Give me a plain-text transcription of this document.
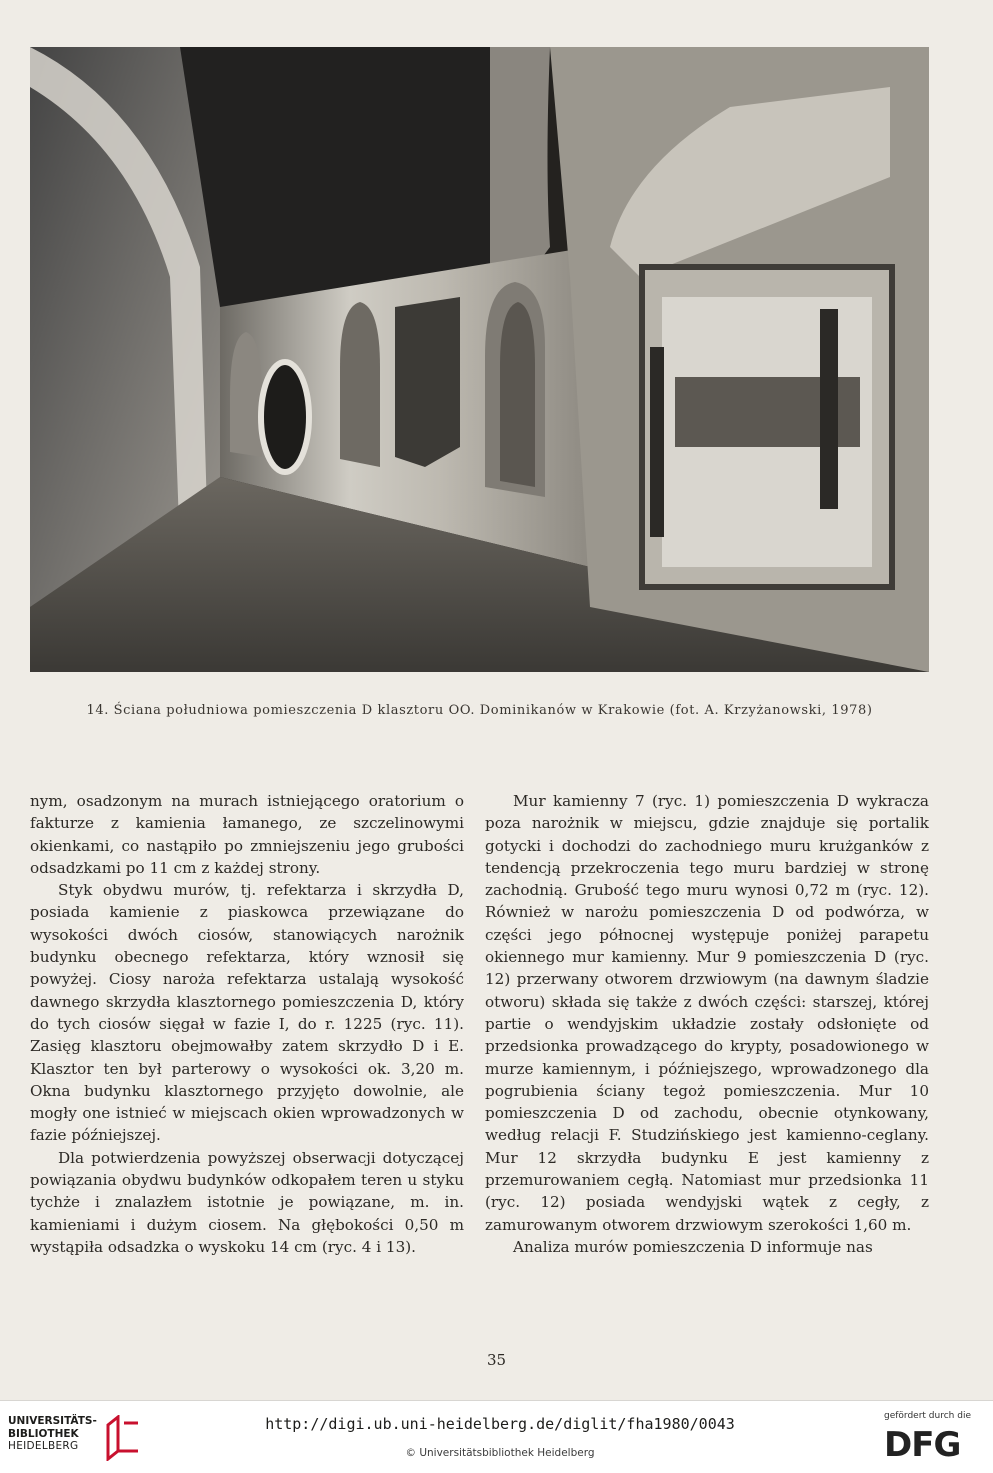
14. Ściana południowa pomieszczenia D klasztoru OO. Dominikanów w Krakowie (fot. A. Krzyżanowski, 1978)

nym, osadzonym na murach istniejącego oratorium o fakturze z kamienia łamanego, ze szczelinowymi okienkami, co nastąpiło po zmniejszeniu jego grubości odsadzkami po 11 cm z każdej strony.

Styk obydwu murów, tj. refektarza i skrzydła D, posiada kamienie z piaskowca przewiązane do wysokości dwóch ciosów, stanowiących narożnik budynku obecnego refektarza, który wznosił się powyżej. Ciosy naroża refektarza ustalają wysokość dawnego skrzydła klasztornego pomieszczenia D, który do tych ciosów sięgał w fazie I, do r. 1225 (ryc. 11). Zasięg klasztoru obejmowałby zatem skrzydło D i E. Klasztor ten był parterowy o wysokości ok. 3,20 m. Okna budynku klasztornego przyjęto dowolnie, ale mogły one istnieć w miejscach okien wprowadzonych w fazie późniejszej.

Dla potwierdzenia powyższej obserwacji dotyczącej powiązania obydwu budynków odkopałem teren u styku tychże i znalazłem istotnie je powiązane, m. in. kamieniami i dużym ciosem. Na głębokości 0,50 m wystąpiła odsadzka o wyskoku 14 cm (ryc. 4 i 13).

Mur kamienny 7 (ryc. 1) pomieszczenia D wykracza poza narożnik w miejscu, gdzie znajduje się portalik gotycki i dochodzi do zachodniego muru krużganków z tendencją przekroczenia tego muru bardziej w stronę zachodnią. Grubość tego muru wynosi 0,72 m (ryc. 12). Również w narożu pomieszczenia D od podwórza, w części jego północnej występuje poniżej parapetu okiennego mur kamienny. Mur 9 pomieszczenia D (ryc. 12) przerwany otworem drzwiowym (na dawnym śladzie otworu) składa się także z dwóch części: starszej, której partie o wendyjskim układzie zostały odsłonięte od przedsionka prowadzącego do krypty, posadowionego w murze kamiennym, i późniejszego, wprowadzonego dla pogrubienia ściany tegoż pomieszczenia. Mur 10 pomieszczenia D od zachodu, obecnie otynkowany, według relacji F. Studzińskiego jest kamienno-ceglany. Mur 12 skrzydła budynku E jest kamienny z przemurowaniem cegłą. Natomiast mur przedsionka 11 (ryc. 12) posiada wendyjski wątek z cegły, z zamurowanym otworem drzwiowym szerokości 1,60 m.

Analiza murów pomieszczenia D informuje nas

35
UNIVERSITÄTS-
BIBLIOTHEK
HEIDELBERG
http://digi.ub.uni-heidelberg.de/diglit/fha1980/0043
© Universitätsbibliothek Heidelberg
gefördert durch die
DFG
